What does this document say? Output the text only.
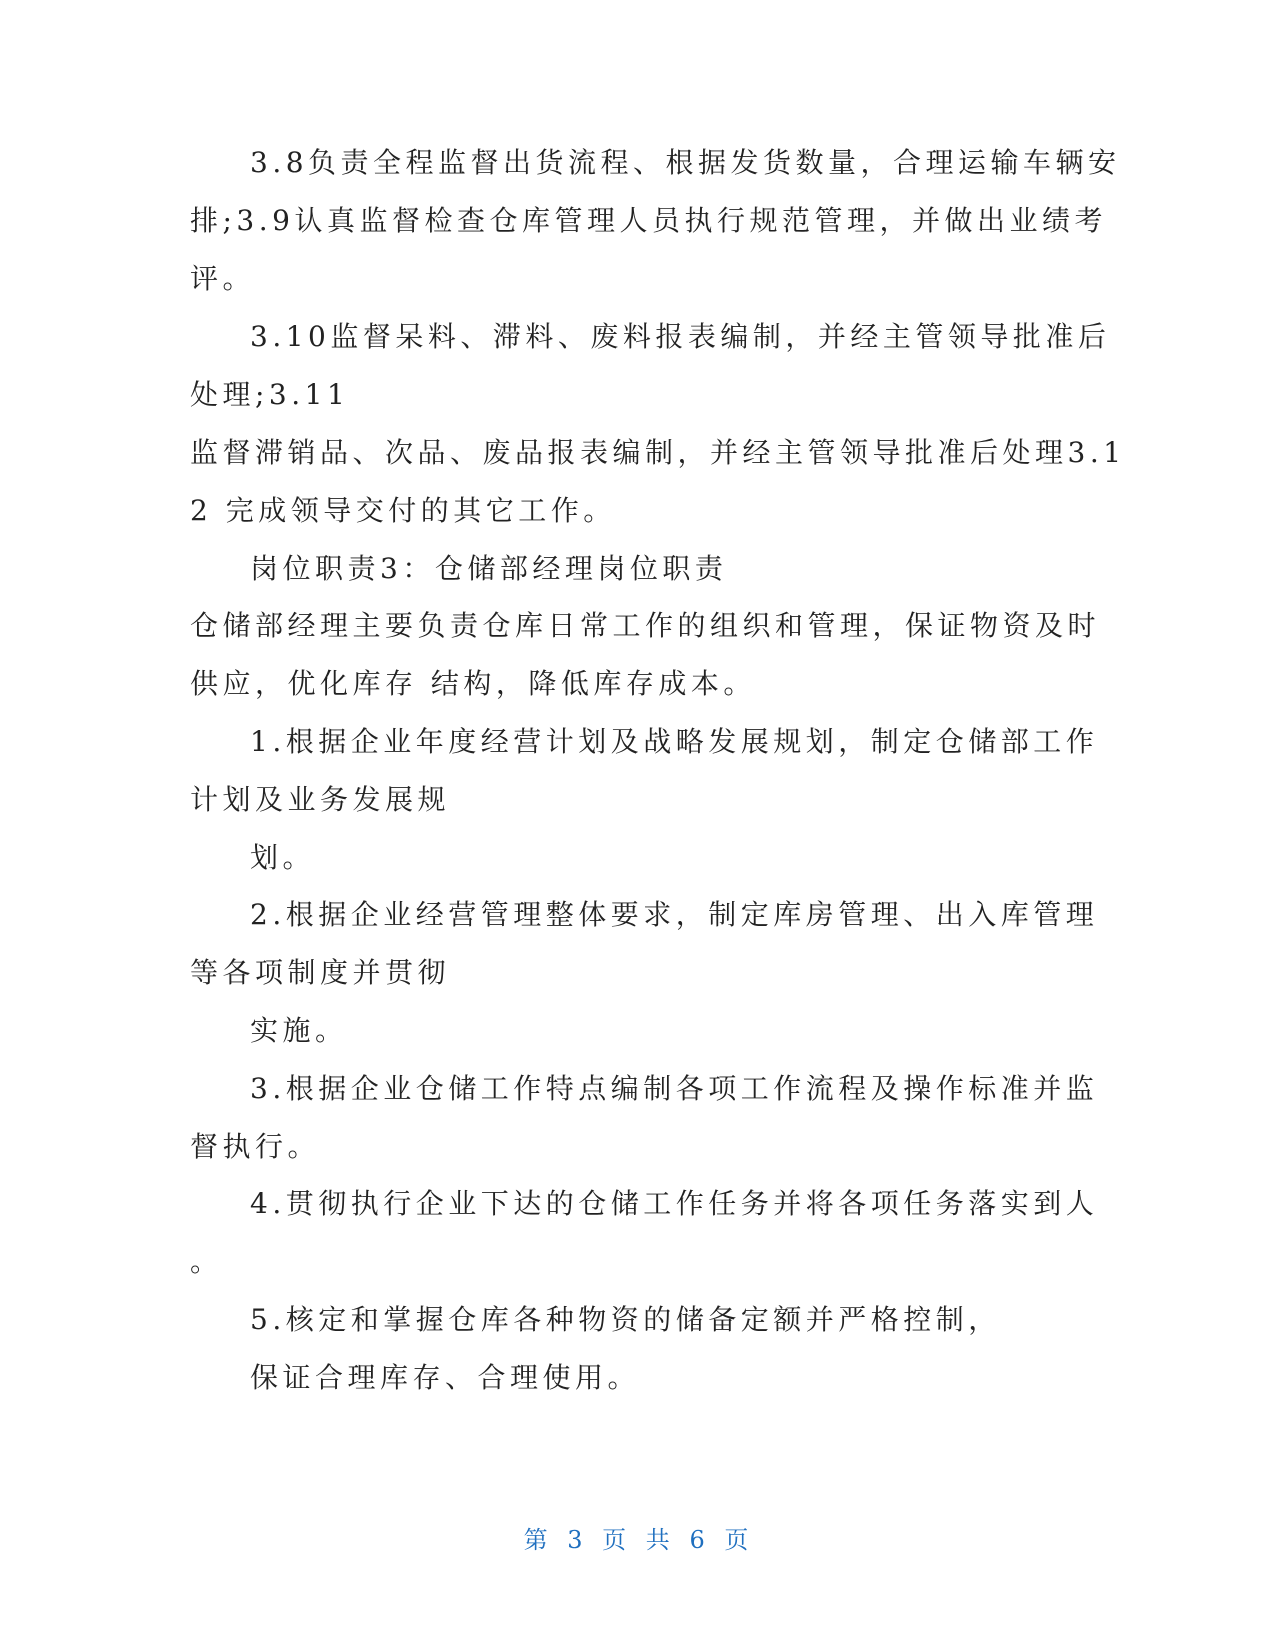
3.8负责全程监督出货流程、根据发货数量，合理运输车辆安
排;3.9认真监督检查仓库管理人员执行规范管理，并做出业绩考
评。
3.10监督呆料、滞料、废料报表编制，并经主管领导批准后
处理;3.11
监督滞销品、次品、废品报表编制，并经主管领导批准后处理3.1
2 完成领导交付的其它工作。
岗位职责3：仓储部经理岗位职责
仓储部经理主要负责仓库日常工作的组织和管理，保证物资及时
供应，优化库存 结构，降低库存成本。
1.根据企业年度经营计划及战略发展规划，制定仓储部工作
计划及业务发展规
划。
2.根据企业经营管理整体要求，制定库房管理、出入库管理
等各项制度并贯彻
实施。
3.根据企业仓储工作特点编制各项工作流程及操作标准并监
督执行。
4.贯彻执行企业下达的仓储工作任务并将各项任务落实到人
。
5.核定和掌握仓库各种物资的储备定额并严格控制，
保证合理库存、合理使用。
第 3 页 共 6 页
